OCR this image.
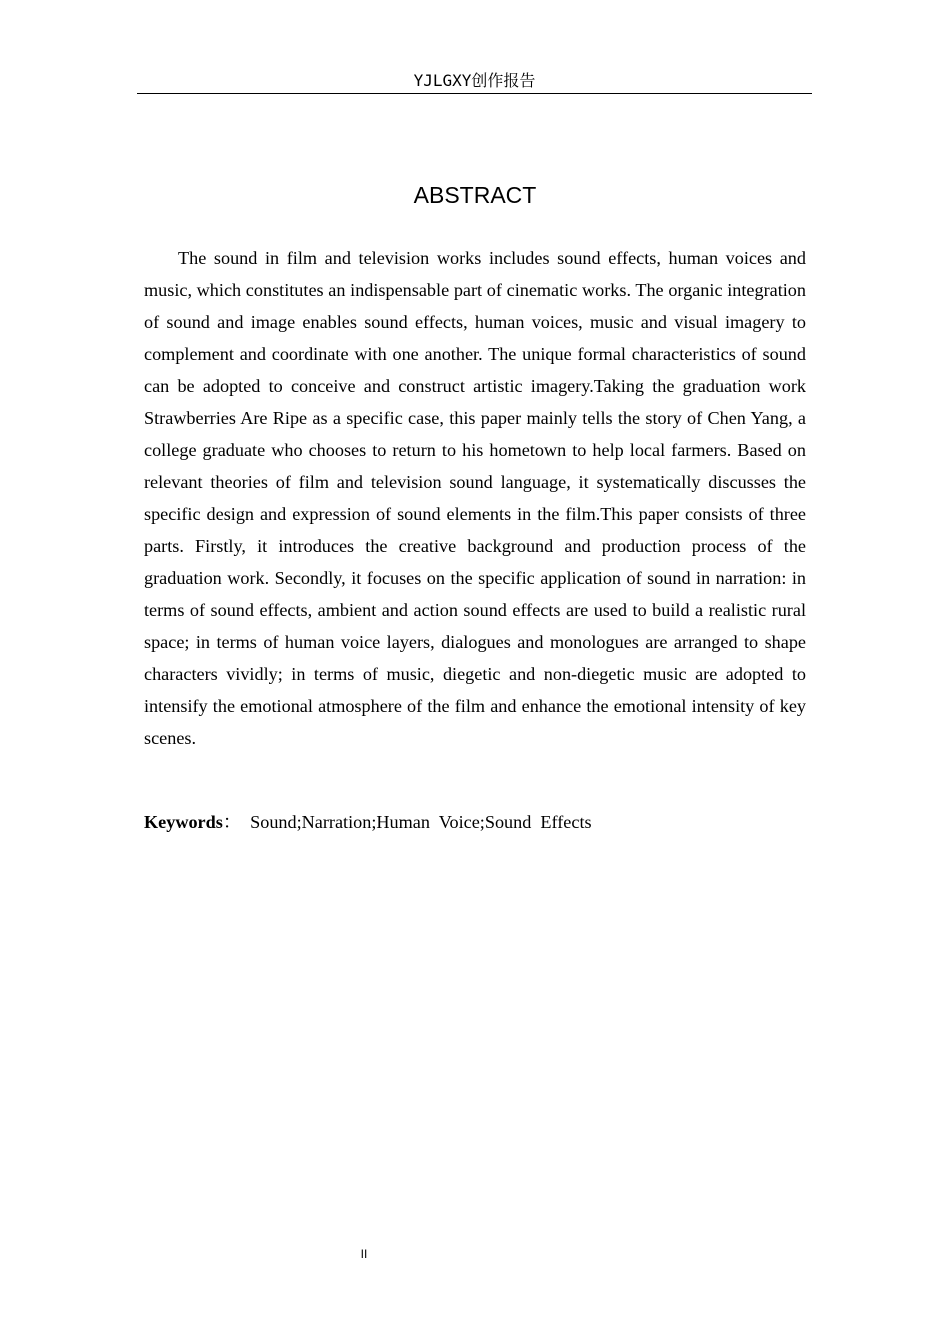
YJLGXY创作报告
ABSTRACT

The sound in film and television works includes sound effects, human voices and music, which constitutes an indispensable part of cinematic works. The organic integration of sound and image enables sound effects, human voices, music and visual imagery to complement and coordinate with one another. The unique formal characteristics of sound can be adopted to conceive and construct artistic imagery.Taking the graduation work Strawberries Are Ripe as a specific case, this paper mainly tells the story of Chen Yang, a college graduate who chooses to return to his hometown to help local farmers. Based on relevant theories of film and television sound language, it systematically discusses the specific design and expression of sound elements in the film.This paper consists of three parts. Firstly, it introduces the creative background and production process of the graduation work. Secondly, it focuses on the specific application of sound in narration: in terms of sound effects, ambient and action sound effects are used to build a realistic rural space; in terms of human voice layers, dialogues and monologues are arranged to shape characters vividly; in terms of music, diegetic and non-diegetic music are adopted to intensify the emotional atmosphere of the film and enhance the emotional intensity of key scenes.

Keywords：  Sound;Narration;Human  Voice;Sound  Effects
II
